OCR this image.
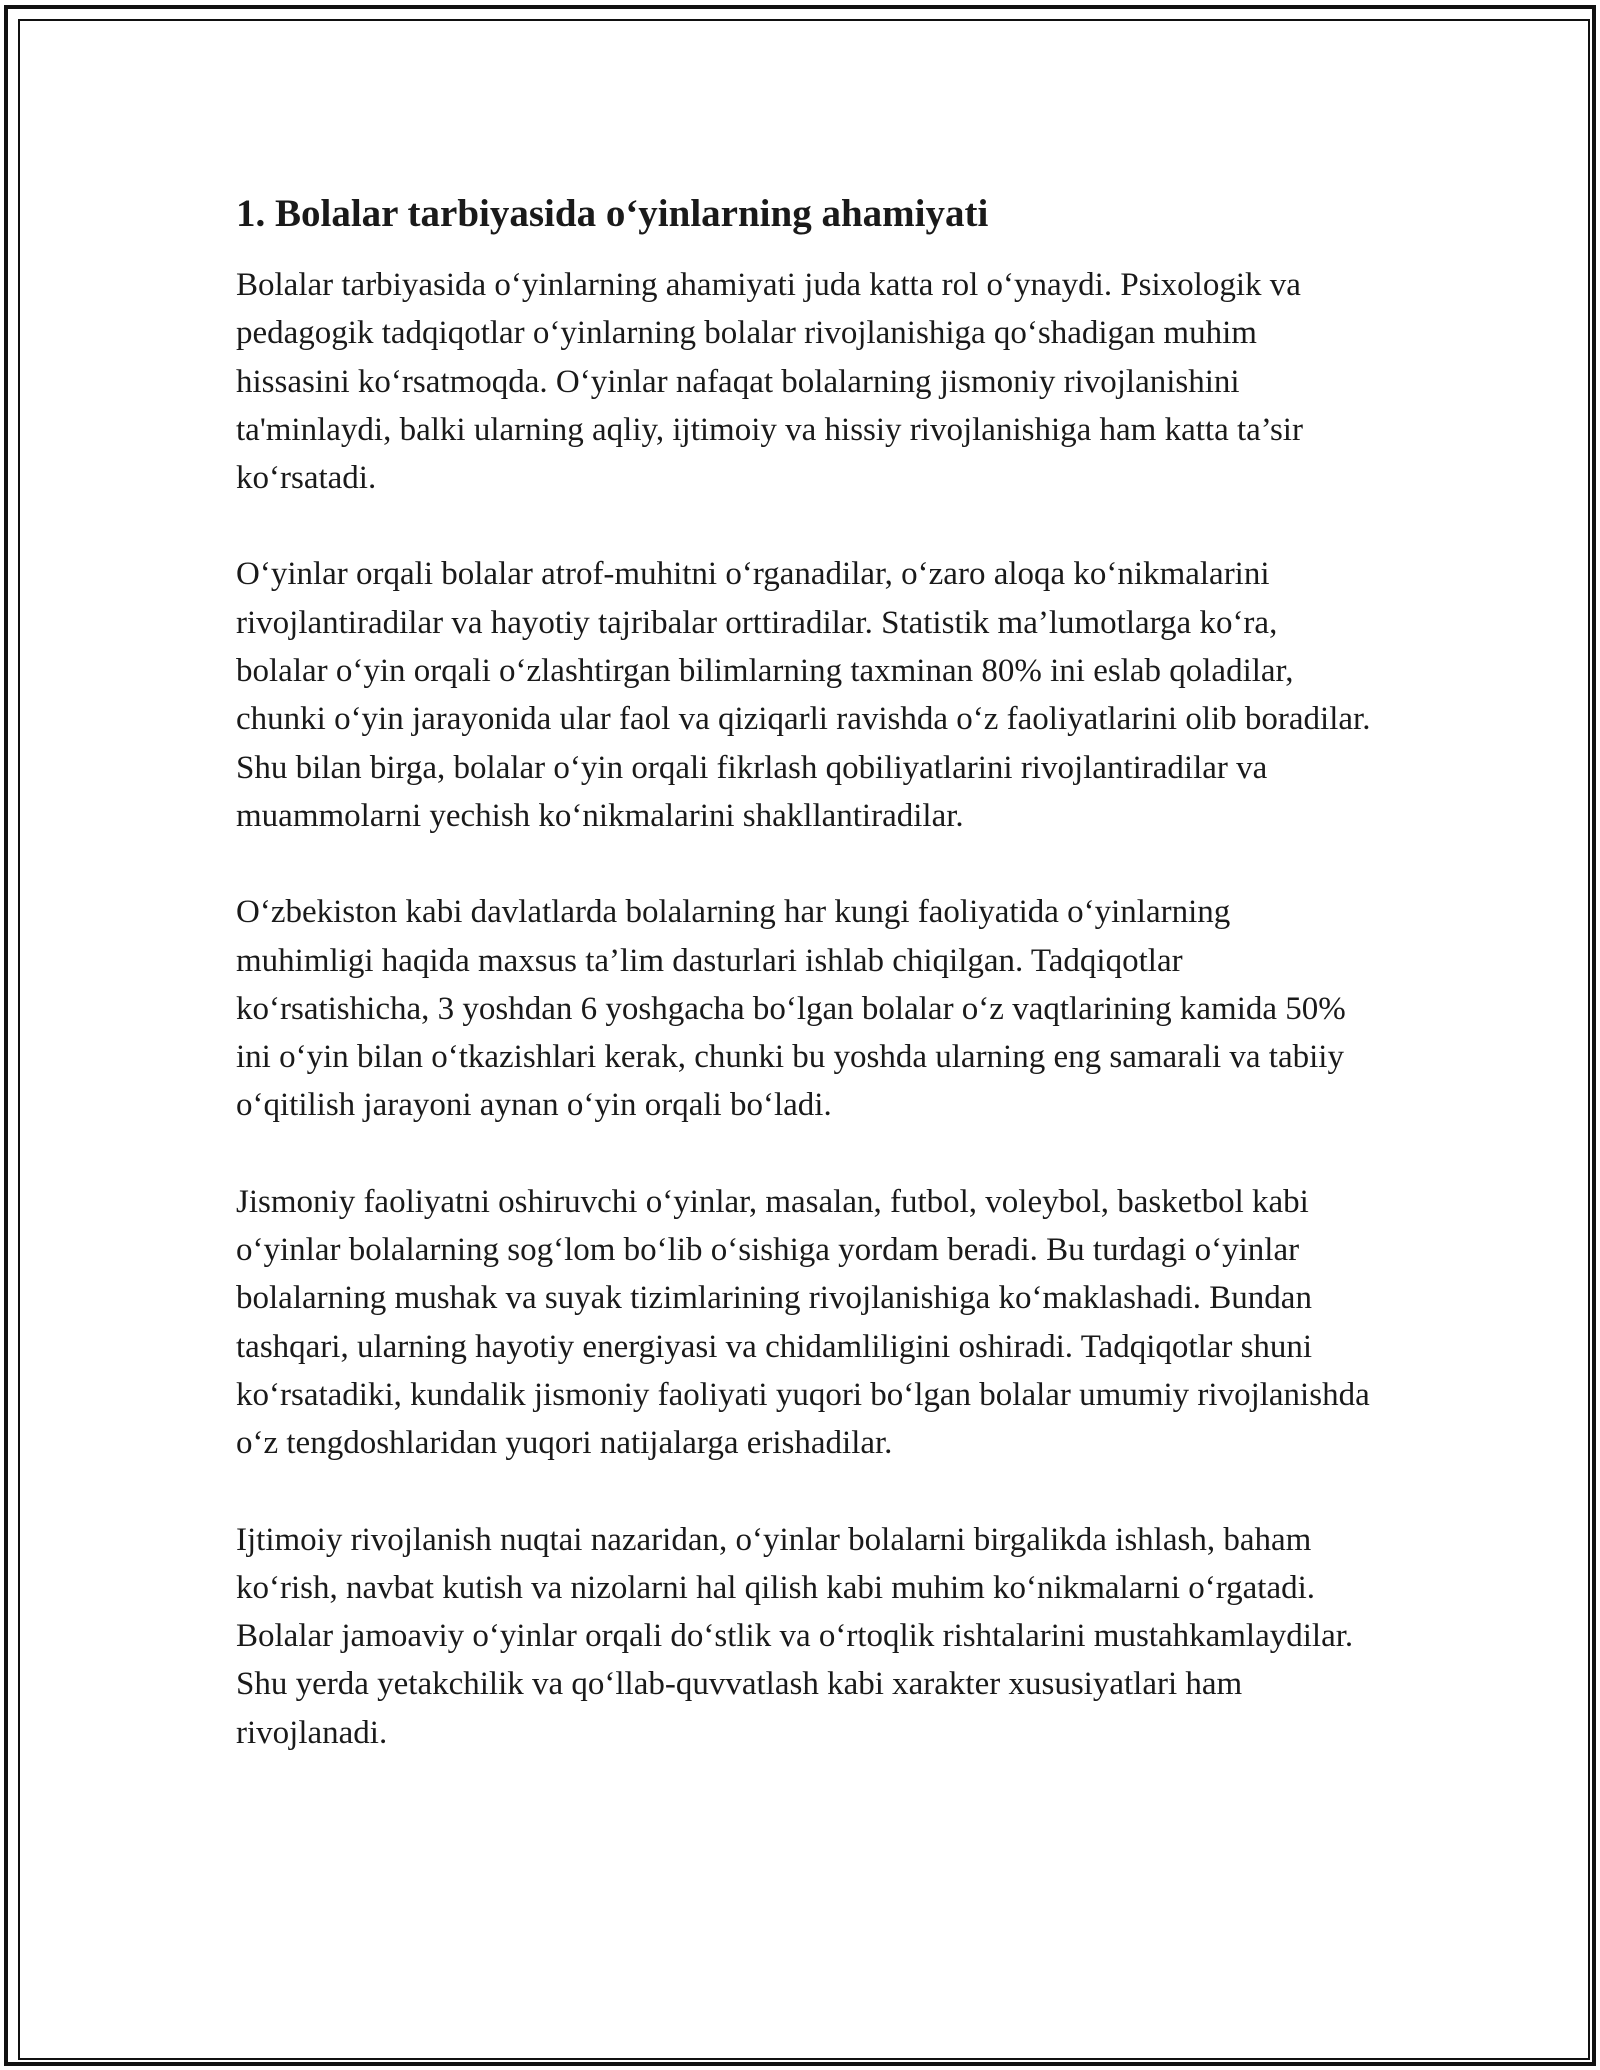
1. Bolalar tarbiyasida o‘yinlarning ahamiyati

Bolalar tarbiyasida o‘yinlarning ahamiyati juda katta rol o‘ynaydi. Psixologik va pedagogik tadqiqotlar o‘yinlarning bolalar rivojlanishiga qo‘shadigan muhim hissasini ko‘rsatmoqda. O‘yinlar nafaqat bolalarning jismoniy rivojlanishini ta'minlaydi, balki ularning aqliy, ijtimoiy va hissiy rivojlanishiga ham katta ta’sir ko‘rsatadi.

O‘yinlar orqali bolalar atrof-muhitni o‘rganadilar, o‘zaro aloqa ko‘nikmalarini rivojlantiradilar va hayotiy tajribalar orttiradilar. Statistik ma’lumotlarga ko‘ra, bolalar o‘yin orqali o‘zlashtirgan bilimlarning taxminan 80% ini eslab qoladilar, chunki o‘yin jarayonida ular faol va qiziqarli ravishda o‘z faoliyatlarini olib boradilar. Shu bilan birga, bolalar o‘yin orqali fikrlash qobiliyatlarini rivojlantiradilar va muammolarni yechish ko‘nikmalarini shakllantiradilar.

O‘zbekiston kabi davlatlarda bolalarning har kungi faoliyatida o‘yinlarning muhimligi haqida maxsus ta’lim dasturlari ishlab chiqilgan. Tadqiqotlar ko‘rsatishicha, 3 yoshdan 6 yoshgacha bo‘lgan bolalar o‘z vaqtlarining kamida 50% ini o‘yin bilan o‘tkazishlari kerak, chunki bu yoshda ularning eng samarali va tabiiy o‘qitilish jarayoni aynan o‘yin orqali bo‘ladi.

Jismoniy faoliyatni oshiruvchi o‘yinlar, masalan, futbol, voleybol, basketbol kabi o‘yinlar bolalarning sog‘lom bo‘lib o‘sishiga yordam beradi. Bu turdagi o‘yinlar bolalarning mushak va suyak tizimlarining rivojlanishiga ko‘maklashadi. Bundan tashqari, ularning hayotiy energiyasi va chidamliligini oshiradi. Tadqiqotlar shuni ko‘rsatadiki, kundalik jismoniy faoliyati yuqori bo‘lgan bolalar umumiy rivojlanishda o‘z tengdoshlaridan yuqori natijalarga erishadilar.

Ijtimoiy rivojlanish nuqtai nazaridan, o‘yinlar bolalarni birgalikda ishlash, baham ko‘rish, navbat kutish va nizolarni hal qilish kabi muhim ko‘nikmalarni o‘rgatadi. Bolalar jamoaviy o‘yinlar orqali do‘stlik va o‘rtoqlik rishtalarini mustahkamlaydilar. Shu yerda yetakchilik va qo‘llab-quvvatlash kabi xarakter xususiyatlari ham rivojlanadi.
